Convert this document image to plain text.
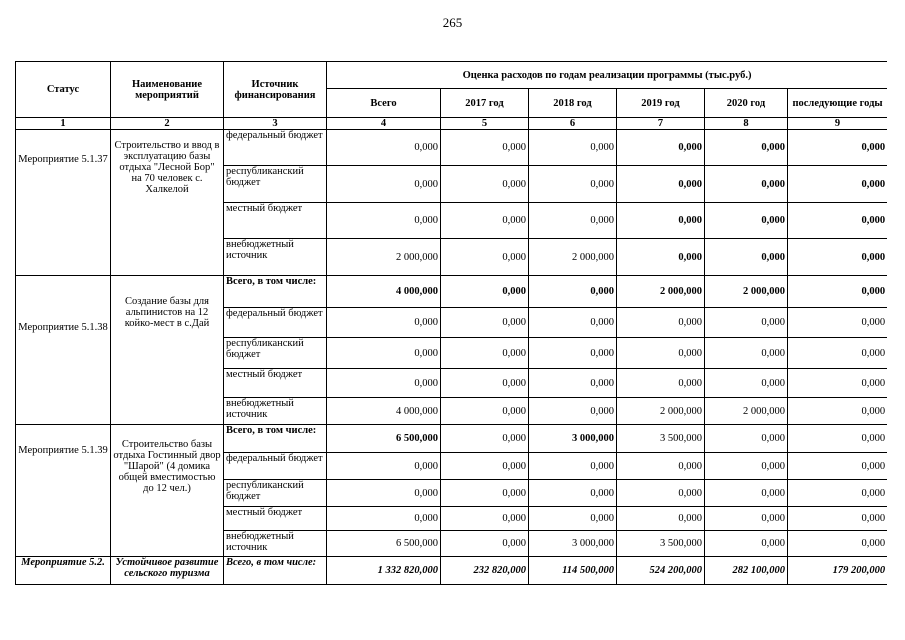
265
Статус	Наименование мероприятий	Источник финансирования	Оценка расходов по годам реализации программы (тыс.руб.)					
			Всего	2017 год	2018 год	2019 год	2020 год	последующие годы
1	2	3	4	5	6	7	8	9

Мероприятие 5.1.37	Строительство и ввод в эксплуатацию базы отдыха "Лесной Бор" на 70 человек с. Халкелой	федеральный бюджет	0,000	0,000	0,000	0,000	0,000	0,000
		республиканский бюджет	0,000	0,000	0,000	0,000	0,000	0,000
		местный бюджет	0,000	0,000	0,000	0,000	0,000	0,000
		внебюджетный источник	2 000,000	0,000	2 000,000	0,000	0,000	0,000

Мероприятие 5.1.38	Создание базы для альпинистов на 12 койко-мест в с.Дай	Всего, в том числе:	4 000,000	0,000	0,000	2 000,000	2 000,000	0,000
		федеральный бюджет	0,000	0,000	0,000	0,000	0,000	0,000
		республиканский бюджет	0,000	0,000	0,000	0,000	0,000	0,000
		местный бюджет	0,000	0,000	0,000	0,000	0,000	0,000
		внебюджетный источник	4 000,000	0,000	0,000	2 000,000	2 000,000	0,000

Мероприятие 5.1.39	Строительство базы отдыха Гостинный двор "Шарой" (4 домика общей вместимостью до 12 чел.)	Всего, в том числе:	6 500,000	0,000	3 000,000	3 500,000	0,000	0,000
		федеральный бюджет	0,000	0,000	0,000	0,000	0,000	0,000
		республиканский бюджет	0,000	0,000	0,000	0,000	0,000	0,000
		местный бюджет	0,000	0,000	0,000	0,000	0,000	0,000
		внебюджетный источник	6 500,000	0,000	3 000,000	3 500,000	0,000	0,000

Мероприятие 5.2.	Устойчивое развитие сельского туризма	Всего, в том числе:	1 332 820,000	232 820,000	114 500,000	524 200,000	282 100,000	179 200,000
